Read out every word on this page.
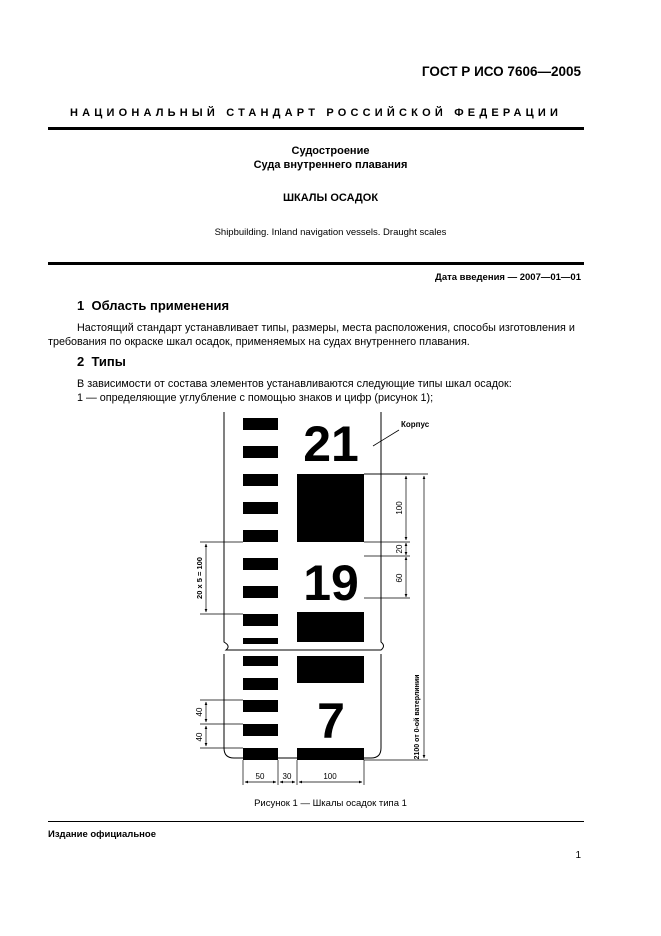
ГОСТ Р ИСО 7606—2005
НАЦИОНАЛЬНЫЙ СТАНДАРТ РОССИЙСКОЙ ФЕДЕРАЦИИ
Судостроение
Суда внутреннего плавания
ШКАЛЫ ОСАДОК
Shipbuilding. Inland navigation vessels. Draught scales
Дата введения — 2007—01—01
1 Область применения
Настоящий стандарт устанавливает типы, размеры, места расположения, способы изготовления и
требования по окраске шкал осадок, применяемых на судах внутреннего плавания.
2 Типы
В зависимости от состава элементов устанавливаются следующие типы шкал осадок:
1 — определяющие углубление с помощью знаков и цифр (рисунок 1);
21
19
7
Корпус
100
20
60
2100 от 0-ой ватерлинии
20 x 5 = 100
40
40
50 30	100
Рисунок 1 — Шкалы осадок типа 1
Издание официальное
1
